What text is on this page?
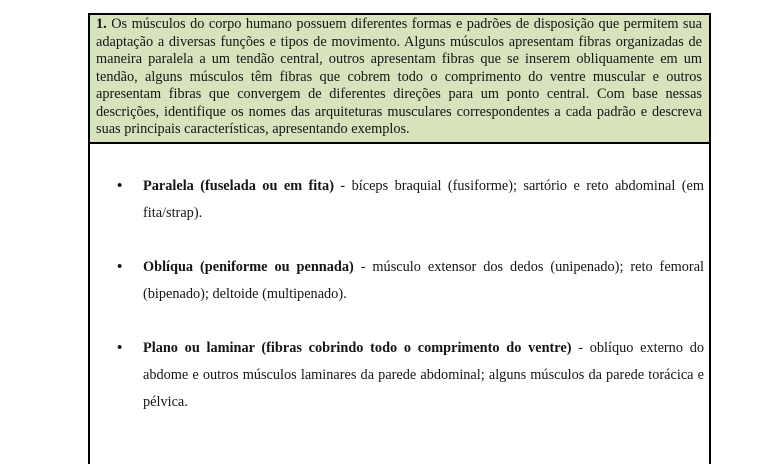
1. Os músculos do corpo humano possuem diferentes formas e padrões de disposição que permitem sua adaptação a diversas funções e tipos de movimento. Alguns músculos apresentam fibras organizadas de maneira paralela a um tendão central, outros apresentam fibras que se inserem obliquamente em um tendão, alguns músculos têm fibras que cobrem todo o comprimento do ventre muscular e outros apresentam fibras que convergem de diferentes direções para um ponto central. Com base nessas descrições, identifique os nomes das arquiteturas musculares correspondentes a cada padrão e descreva suas principais características, apresentando exemplos.
• Paralela (fuselada ou em fita) - bíceps braquial (fusiforme); sartório e reto abdominal (em fita/strap).
• Oblíqua (peniforme ou pennada) - músculo extensor dos dedos (unipenado); reto femoral (bipenado); deltoide (multipenado).
• Plano ou laminar (fibras cobrindo todo o comprimento do ventre) - oblíquo externo do abdome e outros músculos laminares da parede abdominal; alguns músculos da parede torácica e pélvica.
